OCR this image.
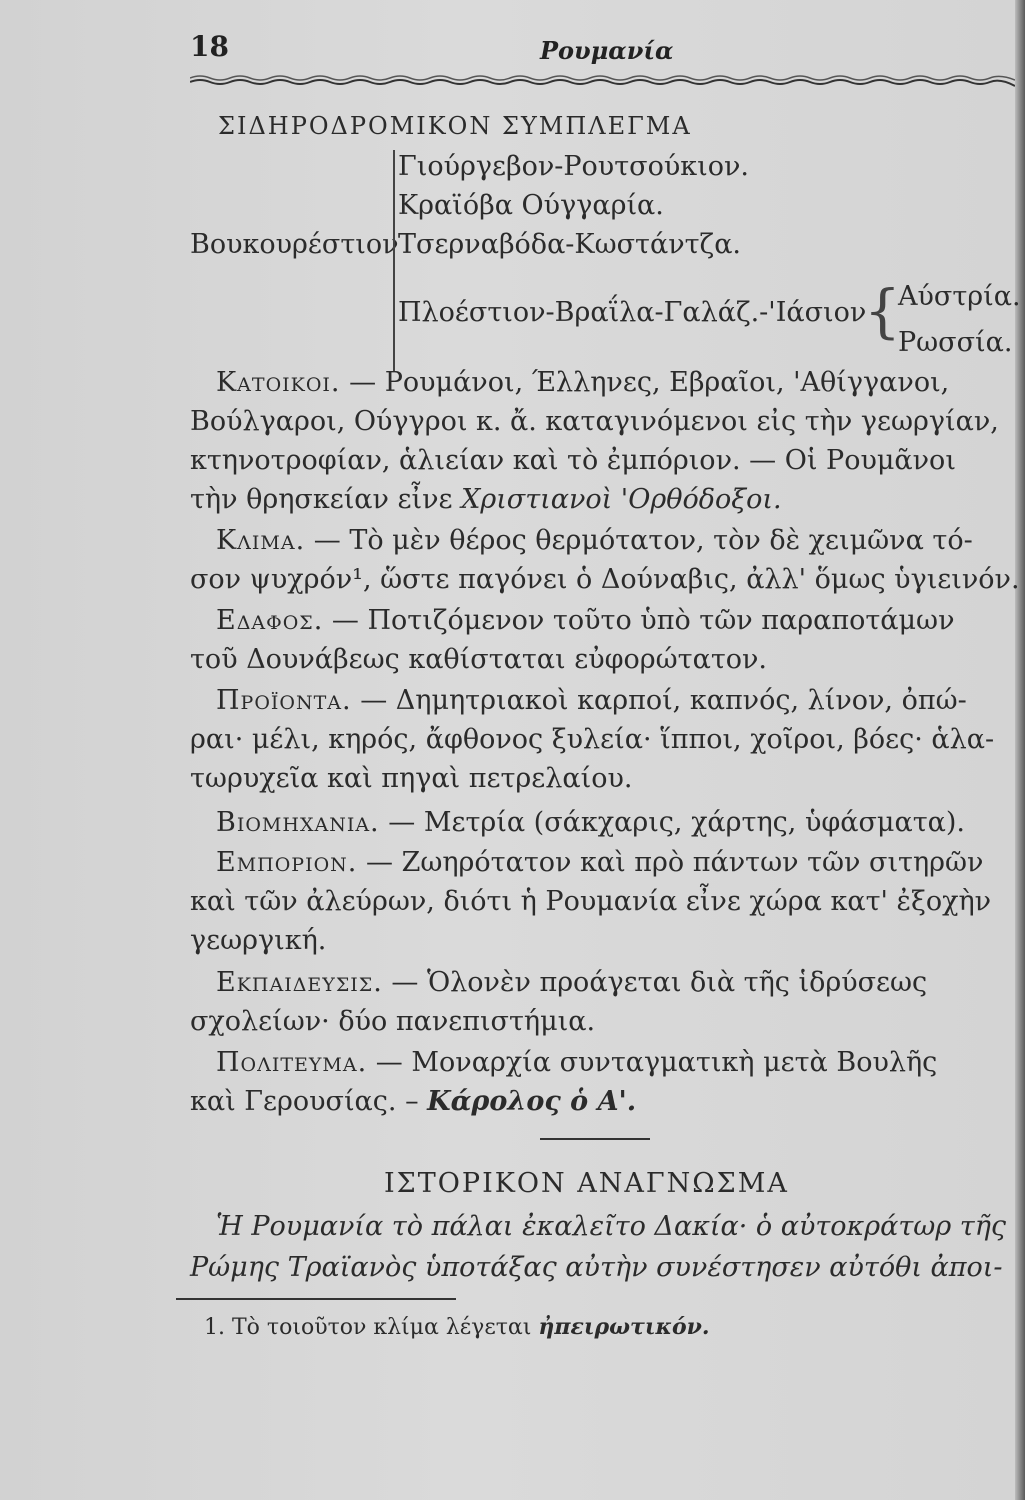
18	Ρουμανία
ΣΙΔΗΡΟΔΡΟΜΙΚΟΝ ΣΥΜΠΛΕΓΜΑ
Βουκουρέστιον
Γιούργεβον-Ρουτσούκιον.
Κραϊόβα Ούγγαρία.
Τσερναβόδα-Κωστάντζα.
Πλοέστιον-Βραΐλα-Γαλάζ.-'Ιάσιον
{
Αύστρία.
Ρωσσία.
Κατοικοι. — Ρουμάνοι, Έλληνες, Εβραῖοι, 'Αθίγγανοι,
Βούλγαροι, Ούγγροι κ. ἄ. καταγινόμενοι εἰς τὴν γεωργίαν,
κτηνοτροφίαν, ἁλιείαν καὶ τὸ ἐμπόριον. — Οἱ Ρουμᾶνοι
τὴν θρησκείαν εἶνε Χριστιανοὶ 'Ορθόδοξοι.
Κλιμα. — Τὸ μὲν θέρος θερμότατον, τὸν δὲ χειμῶνα τό-
σον ψυχρόν¹, ὥστε παγόνει ὁ Δούναβις, ἀλλ' ὅμως ὑγιεινόν.
Εδαφος. — Ποτιζόμενον τοῦτο ὑπὸ τῶν παραποτάμων
τοῦ Δουνάβεως καθίσταται εὐφορώτατον.
Προϊοντα. — Δημητριακοὶ καρποί, καπνός, λίνον, ὀπώ-
ραι· μέλι, κηρός, ἄφθονος ξυλεία· ἵπποι, χοῖροι, βόες· ἁλα-
τωρυχεῖα καὶ πηγαὶ πετρελαίου.
Βιομηχανια. — Μετρία (σάκχαρις, χάρτης, ὑφάσματα).
Εμποριον. — Ζωηρότατον καὶ πρὸ πάντων τῶν σιτηρῶν
καὶ τῶν ἀλεύρων, διότι ἡ Ρουμανία εἶνε χώρα κατ' ἐξοχὴν
γεωργική.
Εκπαιδευσις. — Ὁλονὲν προάγεται διὰ τῆς ἱδρύσεως
σχολείων· δύο πανεπιστήμια.
Πολιτευμα. — Μοναρχία συνταγματικὴ μετὰ Βουλῆς
καὶ Γερουσίας. – Κάρολος ὁ Α'.
ΙΣΤΟΡΙΚΟΝ ΑΝΑΓΝΩΣΜΑ
Ἡ Ρουμανία τὸ πάλαι ἐκαλεῖτο Δακία· ὁ αὐτοκράτωρ τῆς
Ρώμης Τραϊανὸς ὑποτάξας αὐτὴν συνέστησεν αὐτόθι ἀποι-
1. Τὸ τοιοῦτον κλίμα λέγεται ἠπειρωτικόν.
